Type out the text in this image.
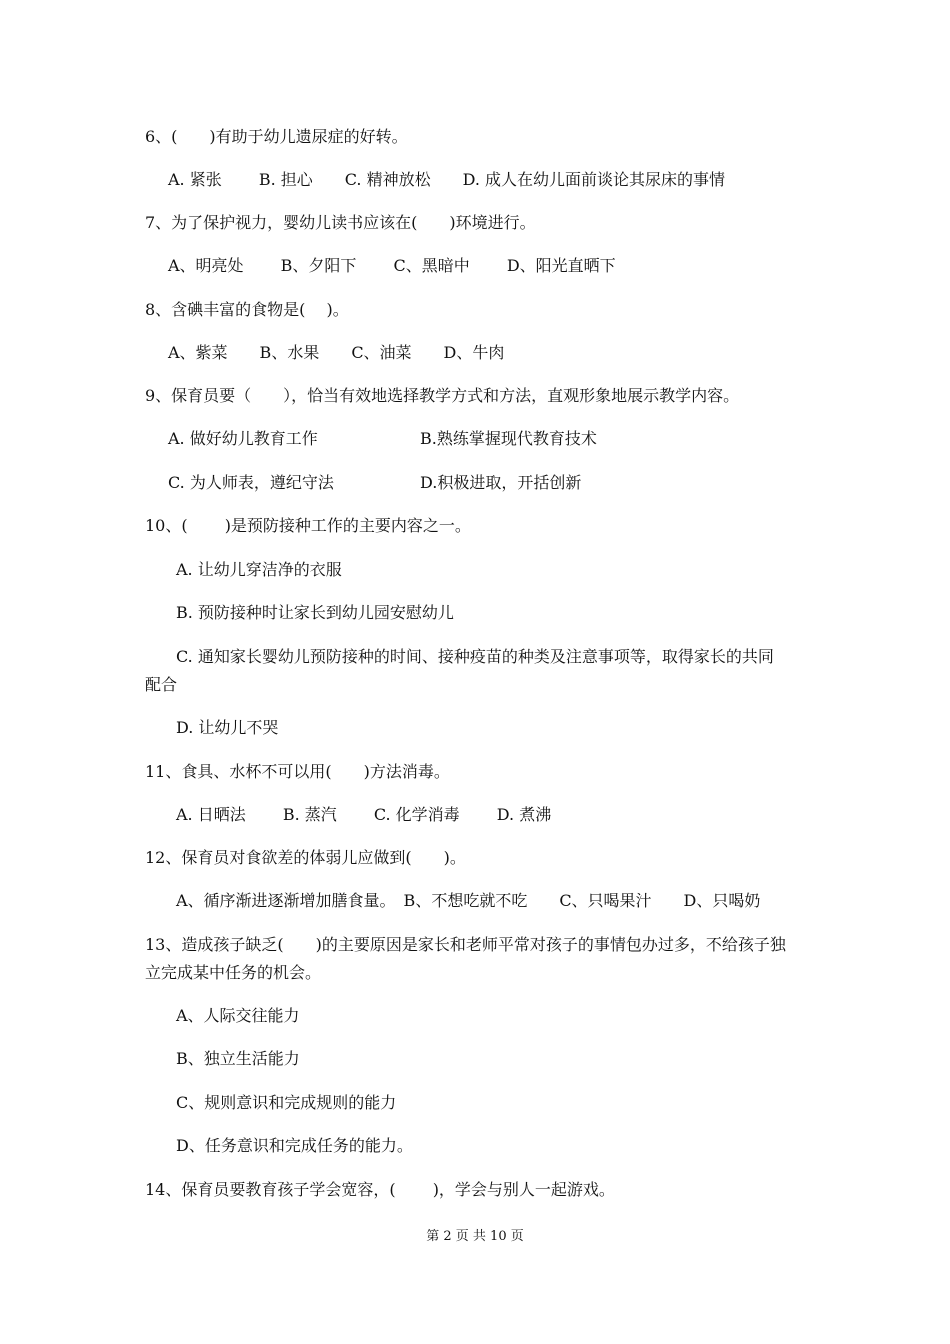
6、(　　)有助于幼儿遗尿症的好转。
A. 紧张　　 B. 担心　　C. 精神放松　　D. 成人在幼儿面前谈论其尿床的事情
7、为了保护视力，婴幼儿读书应该在(　　)环境进行。
A、明亮处　　 B、夕阳下　　 C、黑暗中　　 D、阳光直晒下
8、含碘丰富的食物是(　 )。
A、紫菜　　B、水果　　C、油菜　　D、牛肉
9、保育员要（　　），恰当有效地选择教学方式和方法，直观形象地展示教学内容。
A. 做好幼儿教育工作	B.熟练掌握现代教育技术
C. 为人师表，遵纪守法	D.积极进取，开括创新
10、(　　 )是预防接种工作的主要内容之一。
A. 让幼儿穿洁净的衣服
B. 预防接种时让家长到幼儿园安慰幼儿
C. 通知家长婴幼儿预防接种的时间、接种疫苗的种类及注意事项等，取得家长的共同
配合
D. 让幼儿不哭
11、食具、水杯不可以用(　　)方法消毒。
A. 日晒法　　 B. 蒸汽　　 C. 化学消毒　　 D. 煮沸
12、保育员对食欲差的体弱儿应做到(　　)。
A、循序渐进逐渐增加膳食量。　B、不想吃就不吃　　C、只喝果汁　　D、只喝奶
13、造成孩子缺乏(　　)的主要原因是家长和老师平常对孩子的事情包办过多，不给孩子独
立完成某中任务的机会。
A、人际交往能力
B、独立生活能力
C、规则意识和完成规则的能力
D、任务意识和完成任务的能力。
14、保育员要教育孩子学会宽容，(　　 )，学会与别人一起游戏。
第 2 页 共 10 页
